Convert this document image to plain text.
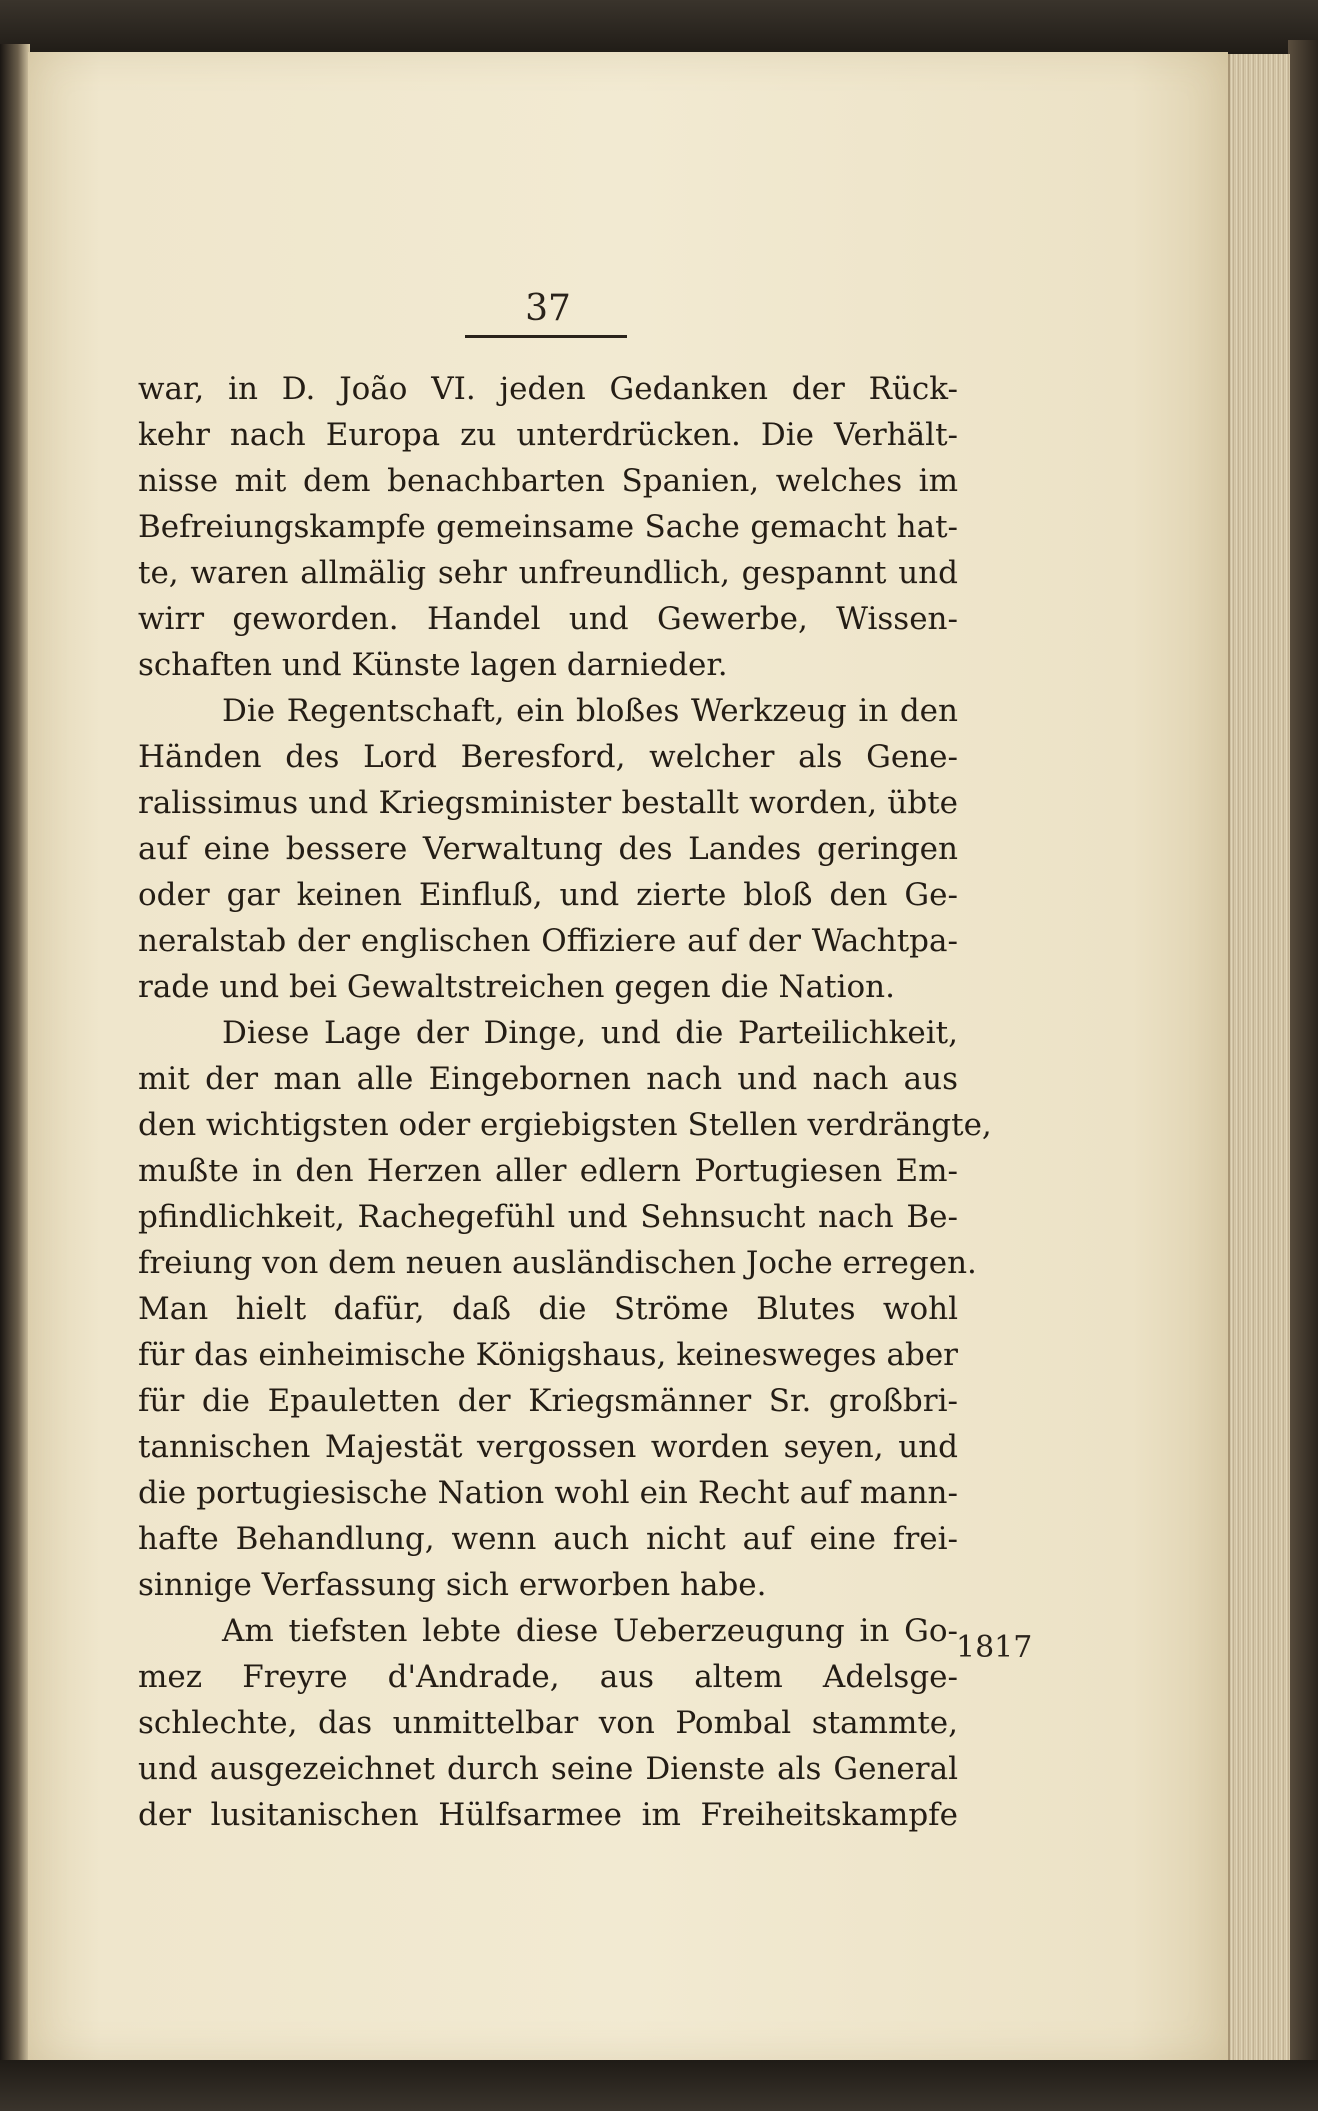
37
war, in D. João VI. jeden Gedanken der Rück-
kehr nach Europa zu unterdrücken. Die Verhält-
nisse mit dem benachbarten Spanien, welches im
Befreiungskampfe gemeinsame Sache gemacht hat-
te, waren allmälig sehr unfreundlich, gespannt und
wirr geworden. Handel und Gewerbe, Wissen-
schaften und Künste lagen darnieder.
Die Regentschaft, ein bloßes Werkzeug in den
Händen des Lord Beresford, welcher als Gene-
ralissimus und Kriegsminister bestallt worden, übte
auf eine bessere Verwaltung des Landes geringen
oder gar keinen Einfluß, und zierte bloß den Ge-
neralstab der englischen Offiziere auf der Wachtpa-
rade und bei Gewaltstreichen gegen die Nation.
Diese Lage der Dinge, und die Parteilichkeit,
mit der man alle Eingebornen nach und nach aus
den wichtigsten oder ergiebigsten Stellen verdrängte,
mußte in den Herzen aller edlern Portugiesen Em-
pfindlichkeit, Rachegefühl und Sehnsucht nach Be-
freiung von dem neuen ausländischen Joche erregen.
Man hielt dafür, daß die Ströme Blutes wohl
für das einheimische Königshaus, keinesweges aber
für die Epauletten der Kriegsmänner Sr. großbri-
tannischen Majestät vergossen worden seyen, und
die portugiesische Nation wohl ein Recht auf mann-
hafte Behandlung, wenn auch nicht auf eine frei-
sinnige Verfassung sich erworben habe.
Am tiefsten lebte diese Ueberzeugung in Go-
mez Freyre d'Andrade, aus altem Adelsge-
schlechte, das unmittelbar von Pombal stammte,
und ausgezeichnet durch seine Dienste als General
der lusitanischen Hülfsarmee im Freiheitskampfe
1817
